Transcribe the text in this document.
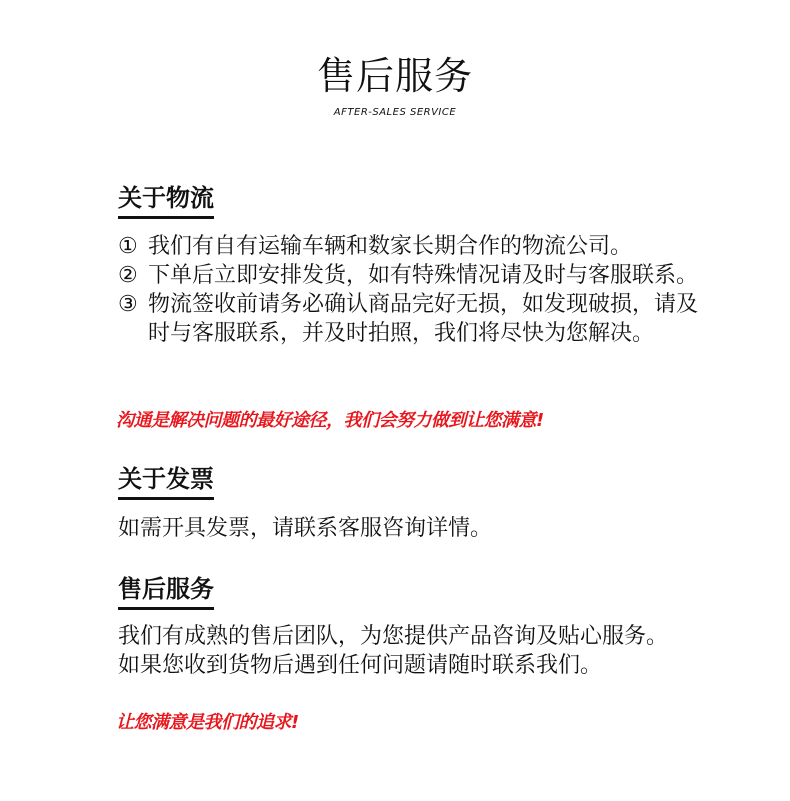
售后服务
AFTER-SALES SERVICE
关于物流
① 我们有自有运输车辆和数家长期合作的物流公司。
② 下单后立即安排发货，如有特殊情况请及时与客服联系。
③ 物流签收前请务必确认商品完好无损，如发现破损，请及时与客服联系，并及时拍照，我们将尽快为您解决。
沟通是解决问题的最好途径，我们会努力做到让您满意!
关于发票

如需开具发票，请联系客服咨询详情。

售后服务

我们有成熟的售后团队，为您提供产品咨询及贴心服务。如果您收到货物后遇到任何问题请随时联系我们。

让您满意是我们的追求!
